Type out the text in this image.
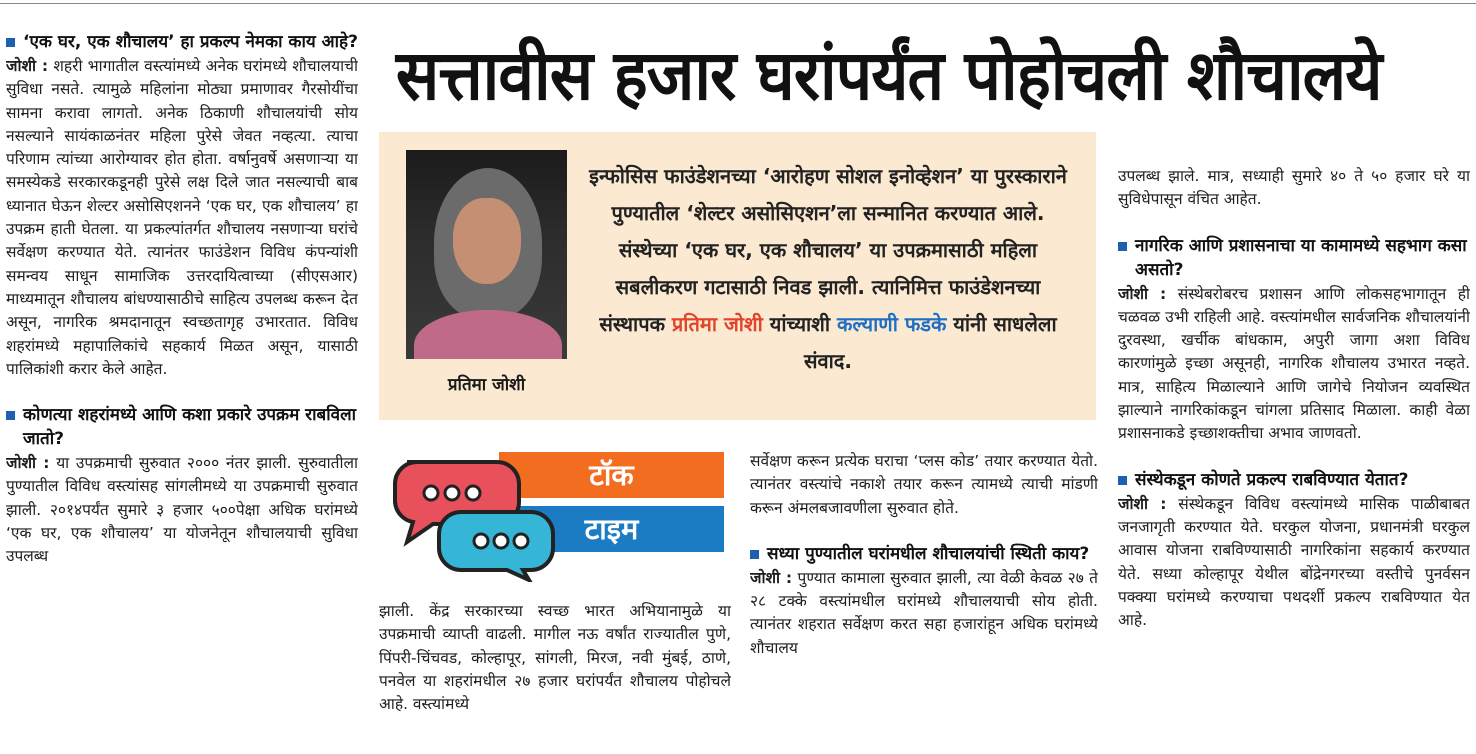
‘एक घर, एक शौचालय’ हा प्रकल्प नेमका काय आहे?

जोशी : शहरी भागातील वस्त्यांमध्ये अनेक घरांमध्ये शौचालयाची सुविधा नसते. त्यामुळे महिलांना मोठ्या प्रमाणावर गैरसोयींचा सामना करावा लागतो. अनेक ठिकाणी शौचालयांची सोय नसल्याने सायंकाळनंतर महिला पुरेसे जेवत नव्हत्या. त्याचा परिणाम त्यांच्या आरोग्यावर होत होता. वर्षानुवर्षे असणाऱ्या या समस्येकडे सरकारकडूनही पुरेसे लक्ष दिले जात नसल्याची बाब ध्यानात घेऊन शेल्टर असोसिएशनने ‘एक घर, एक शौचालय’ हा उपक्रम हाती घेतला. या प्रकल्पांतर्गत शौचालय नसणाऱ्या घरांचे सर्वेक्षण करण्यात येते. त्यानंतर फाउंडेशन विविध कंपन्यांशी समन्वय साधून सामाजिक उत्तरदायित्वाच्या (सीएसआर) माध्यमातून शौचालय बांधण्यासाठीचे साहित्य उपलब्ध करून देत असून, नागरिक श्रमदानातून स्वच्छतागृह उभारतात. विविध शहरांमध्ये महापालिकांचे सहकार्य मिळत असून, यासाठी पालिकांशी करार केले आहेत.

कोणत्या शहरांमध्ये आणि कशा प्रकारे उपक्रम राबविला जातो?

जोशी : या उपक्रमाची सुरुवात २००० नंतर झाली. सुरुवातीला पुण्यातील विविध वस्त्यांसह सांगलीमध्ये या उपक्रमाची सुरुवात झाली. २०१४पर्यंत सुमारे ३ हजार ५००पेक्षा अधिक घरांमध्ये ‘एक घर, एक शौचालय’ या योजनेतून शौचालयाची सुविधा उपलब्ध

सत्तावीस हजार घरांपर्यंत पोहोचली शौचालये
प्रतिमा जोशी

इन्फोसिस फाउंडेशनच्या ‘आरोहण सोशल इनोव्हेशन’ या पुरस्काराने पुण्यातील ‘शेल्टर असोसिएशन’ला सन्मानित करण्यात आले. संस्थेच्या ‘एक घर, एक शौचालय’ या उपक्रमासाठी महिला सबलीकरण गटासाठी निवड झाली. त्यानिमित्त फाउंडेशनच्या संस्थापक प्रतिमा जोशी यांच्याशी कल्याणी फडके यांनी साधलेला संवाद.

टॉक
टाइम

झाली. केंद्र सरकारच्या स्वच्छ भारत अभियानामुळे या उपक्रमाची व्याप्ती वाढली. मागील नऊ वर्षांत राज्यातील पुणे, पिंपरी-चिंचवड, कोल्हापूर, सांगली, मिरज, नवी मुंबई, ठाणे, पनवेल या शहरांमधील २७ हजार घरांपर्यंत शौचालय पोहोचले आहे. वस्त्यांमध्ये

सर्वेक्षण करून प्रत्येक घराचा ‘प्लस कोड’ तयार करण्यात येतो. त्यानंतर वस्त्यांचे नकाशे तयार करून त्यामध्ये त्याची मांडणी करून अंमलबजावणीला सुरुवात होते.

सध्या पुण्यातील घरांमधील शौचालयांची स्थिती काय?

जोशी : पुण्यात कामाला सुरुवात झाली, त्या वेळी केवळ २७ ते २८ टक्के वस्त्यांमधील घरांमध्ये शौचालयाची सोय होती. त्यानंतर शहरात सर्वेक्षण करत सहा हजारांहून अधिक घरांमध्ये शौचालय

उपलब्ध झाले. मात्र, सध्याही सुमारे ४० ते ५० हजार घरे या सुविधेपासून वंचित आहेत.

नागरिक आणि प्रशासनाचा या कामामध्ये सहभाग कसा असतो?

जोशी : संस्थेबरोबरच प्रशासन आणि लोकसहभागातून ही चळवळ उभी राहिली आहे. वस्त्यांमधील सार्वजनिक शौचालयांनी दुरवस्था, खर्चीक बांधकाम, अपुरी जागा अशा विविध कारणांमुळे इच्छा असूनही, नागरिक शौचालय उभारत नव्हते. मात्र, साहित्य मिळाल्याने आणि जागेचे नियोजन व्यवस्थित झाल्याने नागरिकांकडून चांगला प्रतिसाद मिळाला. काही वेळा प्रशासनाकडे इच्छाशक्तीचा अभाव जाणवतो.

संस्थेकडून कोणते प्रकल्प राबविण्यात येतात?

जोशी : संस्थेकडून विविध वस्त्यांमध्ये मासिक पाळीबाबत जनजागृती करण्यात येते. घरकुल योजना, प्रधानमंत्री घरकुल आवास योजना राबविण्यासाठी नागरिकांना सहकार्य करण्यात येते. सध्या कोल्हापूर येथील बोंद्रेनगरच्या वस्तीचे पुनर्वसन पक्क्या घरांमध्ये करण्याचा पथदर्शी प्रकल्प राबविण्यात येत आहे.
